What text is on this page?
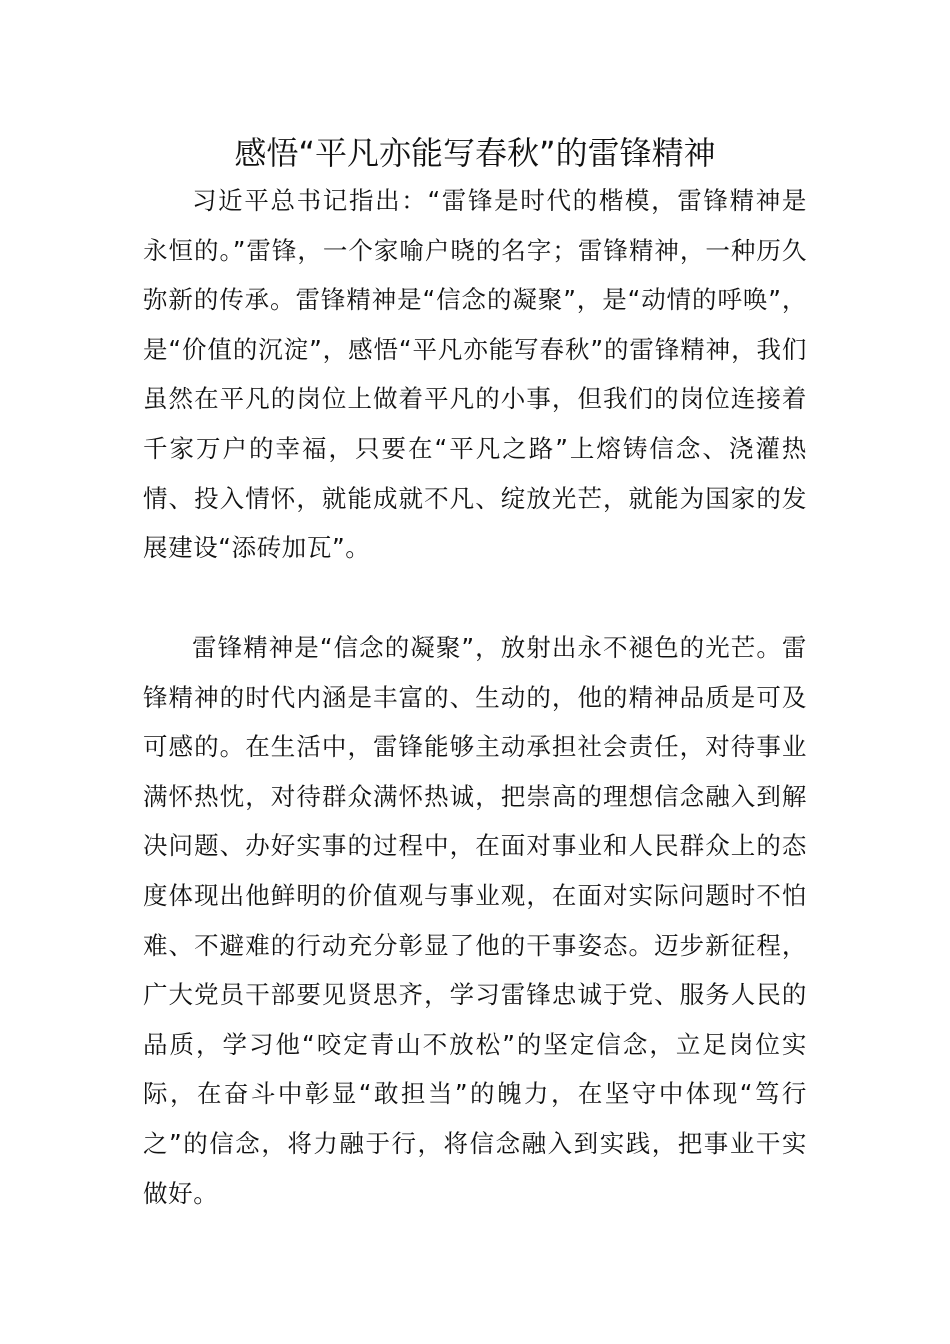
感悟“平凡亦能写春秋”的雷锋精神

习近平总书记指出：“雷锋是时代的楷模，雷锋精神是永恒的。”雷锋，一个家喻户晓的名字；雷锋精神，一种历久弥新的传承。雷锋精神是“信念的凝聚”，是“动情的呼唤”，是“价值的沉淀”，感悟“平凡亦能写春秋”的雷锋精神，我们虽然在平凡的岗位上做着平凡的小事，但我们的岗位连接着千家万户的幸福，只要在“平凡之路”上熔铸信念、浇灌热情、投入情怀，就能成就不凡、绽放光芒，就能为国家的发展建设“添砖加瓦”。

雷锋精神是“信念的凝聚”，放射出永不褪色的光芒。雷锋精神的时代内涵是丰富的、生动的，他的精神品质是可及可感的。在生活中，雷锋能够主动承担社会责任，对待事业满怀热忱，对待群众满怀热诚，把崇高的理想信念融入到解决问题、办好实事的过程中，在面对事业和人民群众上的态度体现出他鲜明的价值观与事业观，在面对实际问题时不怕难、不避难的行动充分彰显了他的干事姿态。迈步新征程，广大党员干部要见贤思齐，学习雷锋忠诚于党、服务人民的品质，学习他“咬定青山不放松”的坚定信念，立足岗位实际，在奋斗中彰显“敢担当”的魄力，在坚守中体现“笃行之”的信念，将力融于行，将信念融入到实践，把事业干实做好。
